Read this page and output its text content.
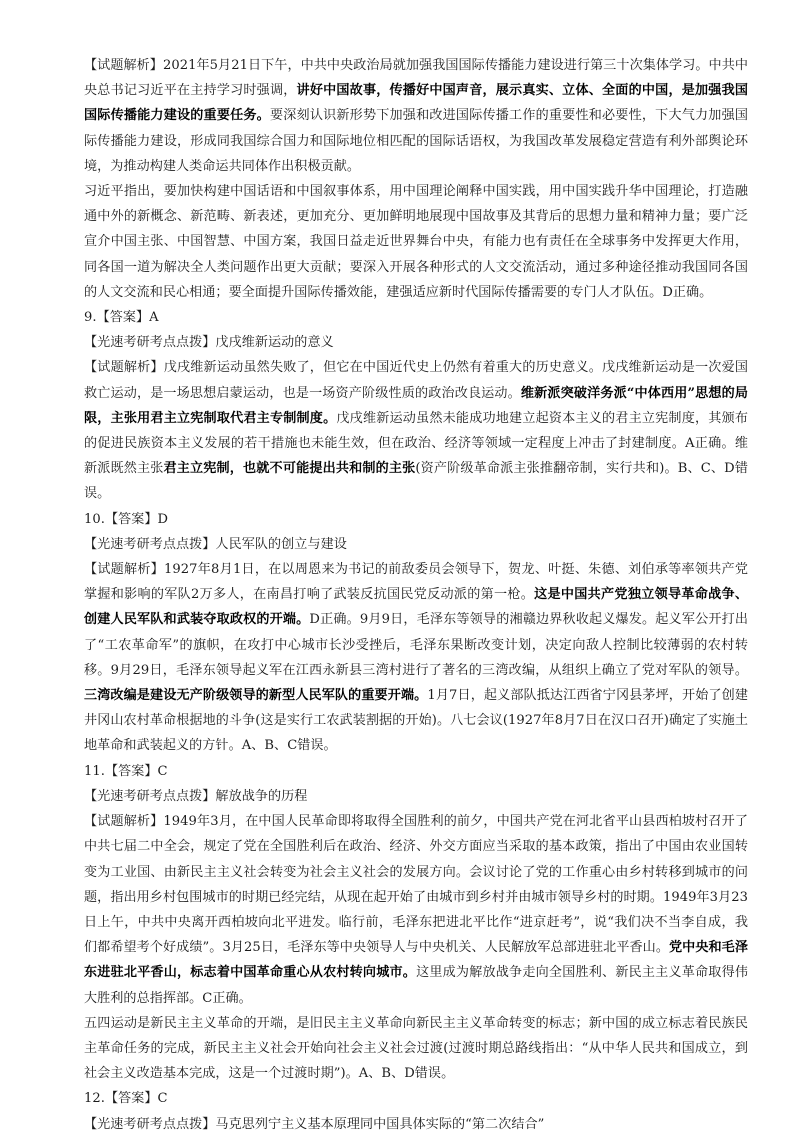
【试题解析】2021年5月21日下午，中共中央政治局就加强我国国际传播能力建设进行第三十次集体学习。中共中央总书记习近平在主持学习时强调，讲好中国故事，传播好中国声音，展示真实、立体、全面的中国，是加强我国国际传播能力建设的重要任务。要深刻认识新形势下加强和改进国际传播工作的重要性和必要性，下大气力加强国际传播能力建设，形成同我国综合国力和国际地位相匹配的国际话语权，为我国改革发展稳定营造有利外部舆论环境，为推动构建人类命运共同体作出积极贡献。

习近平指出，要加快构建中国话语和中国叙事体系，用中国理论阐释中国实践，用中国实践升华中国理论，打造融通中外的新概念、新范畴、新表述，更加充分、更加鲜明地展现中国故事及其背后的思想力量和精神力量；要广泛宣介中国主张、中国智慧、中国方案，我国日益走近世界舞台中央，有能力也有责任在全球事务中发挥更大作用，同各国一道为解决全人类问题作出更大贡献；要深入开展各种形式的人文交流活动，通过多种途径推动我国同各国的人文交流和民心相通；要全面提升国际传播效能，建强适应新时代国际传播需要的专门人才队伍。D正确。

9.【答案】A

【光速考研考点点拨】戊戌维新运动的意义

【试题解析】戊戌维新运动虽然失败了，但它在中国近代史上仍然有着重大的历史意义。戊戌维新运动是一次爱国救亡运动，是一场思想启蒙运动，也是一场资产阶级性质的政治改良运动。维新派突破洋务派“中体西用”思想的局限，主张用君主立宪制取代君主专制制度。戊戌维新运动虽然未能成功地建立起资本主义的君主立宪制度，其颁布的促进民族资本主义发展的若干措施也未能生效，但在政治、经济等领域一定程度上冲击了封建制度。A正确。维新派既然主张君主立宪制，也就不可能提出共和制的主张(资产阶级革命派主张推翻帝制，实行共和)。B、C、D错误。

10.【答案】D

【光速考研考点点拨】人民军队的创立与建设

【试题解析】1927年8月1日，在以周恩来为书记的前敌委员会领导下，贺龙、叶挺、朱德、刘伯承等率领共产党掌握和影响的军队2万多人，在南昌打响了武装反抗国民党反动派的第一枪。这是中国共产党独立领导革命战争、创建人民军队和武装夺取政权的开端。D正确。9月9日，毛泽东等领导的湘赣边界秋收起义爆发。起义军公开打出了“工农革命军”的旗帜，在攻打中心城市长沙受挫后，毛泽东果断改变计划，决定向敌人控制比较薄弱的农村转移。9月29日，毛泽东领导起义军在江西永新县三湾村进行了著名的三湾改编，从组织上确立了党对军队的领导。三湾改编是建设无产阶级领导的新型人民军队的重要开端。1月7日，起义部队抵达江西省宁冈县茅坪，开始了创建井冈山农村革命根据地的斗争(这是实行工农武装割据的开始)。八七会议(1927年8月7日在汉口召开)确定了实施土地革命和武装起义的方针。A、B、C错误。

11.【答案】C

【光速考研考点点拨】解放战争的历程

【试题解析】1949年3月，在中国人民革命即将取得全国胜利的前夕，中国共产党在河北省平山县西柏坡村召开了中共七届二中全会，规定了党在全国胜利后在政治、经济、外交方面应当采取的基本政策，指出了中国由农业国转变为工业国、由新民主主义社会转变为社会主义社会的发展方向。会议讨论了党的工作重心由乡村转移到城市的问题，指出用乡村包围城市的时期已经完结，从现在起开始了由城市到乡村并由城市领导乡村的时期。1949年3月23日上午，中共中央离开西柏坡向北平进发。临行前，毛泽东把进北平比作“进京赶考”，说“我们决不当李自成，我们都希望考个好成绩”。3月25日，毛泽东等中央领导人与中央机关、人民解放军总部进驻北平香山。党中央和毛泽东进驻北平香山，标志着中国革命重心从农村转向城市。这里成为解放战争走向全国胜利、新民主主义革命取得伟大胜利的总指挥部。C正确。

五四运动是新民主主义革命的开端，是旧民主主义革命向新民主主义革命转变的标志；新中国的成立标志着民族民主革命任务的完成，新民主主义社会开始向社会主义社会过渡(过渡时期总路线指出：“从中华人民共和国成立，到社会主义改造基本完成，这是一个过渡时期”)。A、B、D错误。

12.【答案】C

【光速考研考点点拨】马克思列宁主义基本原理同中国具体实际的“第二次结合”
